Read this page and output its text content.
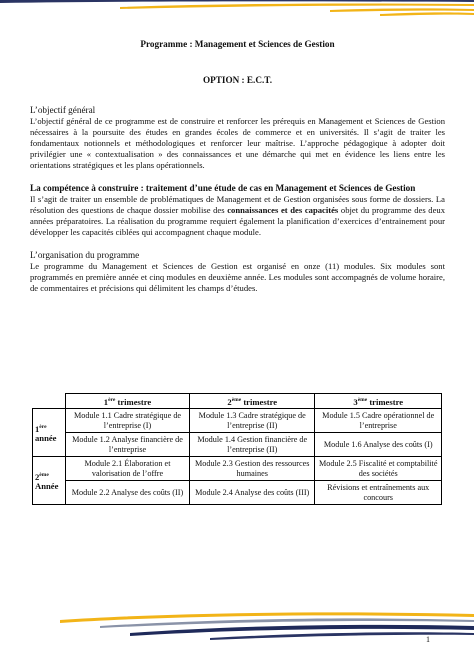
Programme : Management et Sciences de Gestion

OPTION : E.C.T.

L’objectif général

L’objectif général de ce programme est de construire et renforcer les prérequis en Management et Sciences de Gestion nécessaires à la poursuite des études en grandes écoles de commerce et en universités. Il s’agit de traiter les fondamentaux notionnels et méthodologiques et renforcer leur maîtrise. L’approche pédagogique à adopter doit privilégier une « contextualisation » des connaissances et une démarche qui met en évidence les liens entre les orientations stratégiques et les plans opérationnels.

La compétence à construire : traitement d’une étude de cas en Management et Sciences de Gestion

Il s’agit de traiter un ensemble de problématiques de Management et de Gestion organisées sous forme de dossiers. La résolution des questions de chaque dossier mobilise des connaissances et des capacités objet du programme des deux années préparatoires. La réalisation du programme requiert également la planification d’exercices d’entrainement pour développer les capacités ciblées qui accompagnent chaque module.

L’organisation du programme

Le programme du Management et Sciences de Gestion est organisé en onze (11) modules. Six modules sont programmés en première année et cinq modules en deuxième année. Les modules sont accompagnés de volume horaire, de commentaires et précisions qui délimitent les champs d’études.

	1ère trimestre	2ème trimestre	3ème trimestre
1ère
année	Module 1.1 Cadre stratégique de l’entreprise (I)	Module 1.3 Cadre stratégique de l’entreprise (II)	Module 1.5 Cadre opérationnel de l’entreprise
	Module 1.2 Analyse financière de l’entreprise	Module 1.4 Gestion financière de l’entreprise (II)	Module 1.6 Analyse des coûts (I)
2ème
Année	Module 2.1 Élaboration et valorisation de l’offre	Module 2.3 Gestion des ressources humaines	Module 2.5 Fiscalité et comptabilité des sociétés
	Module 2.2 Analyse des coûts (II)	Module 2.4 Analyse des coûts (III)	Révisions et entraînements aux concours
1
